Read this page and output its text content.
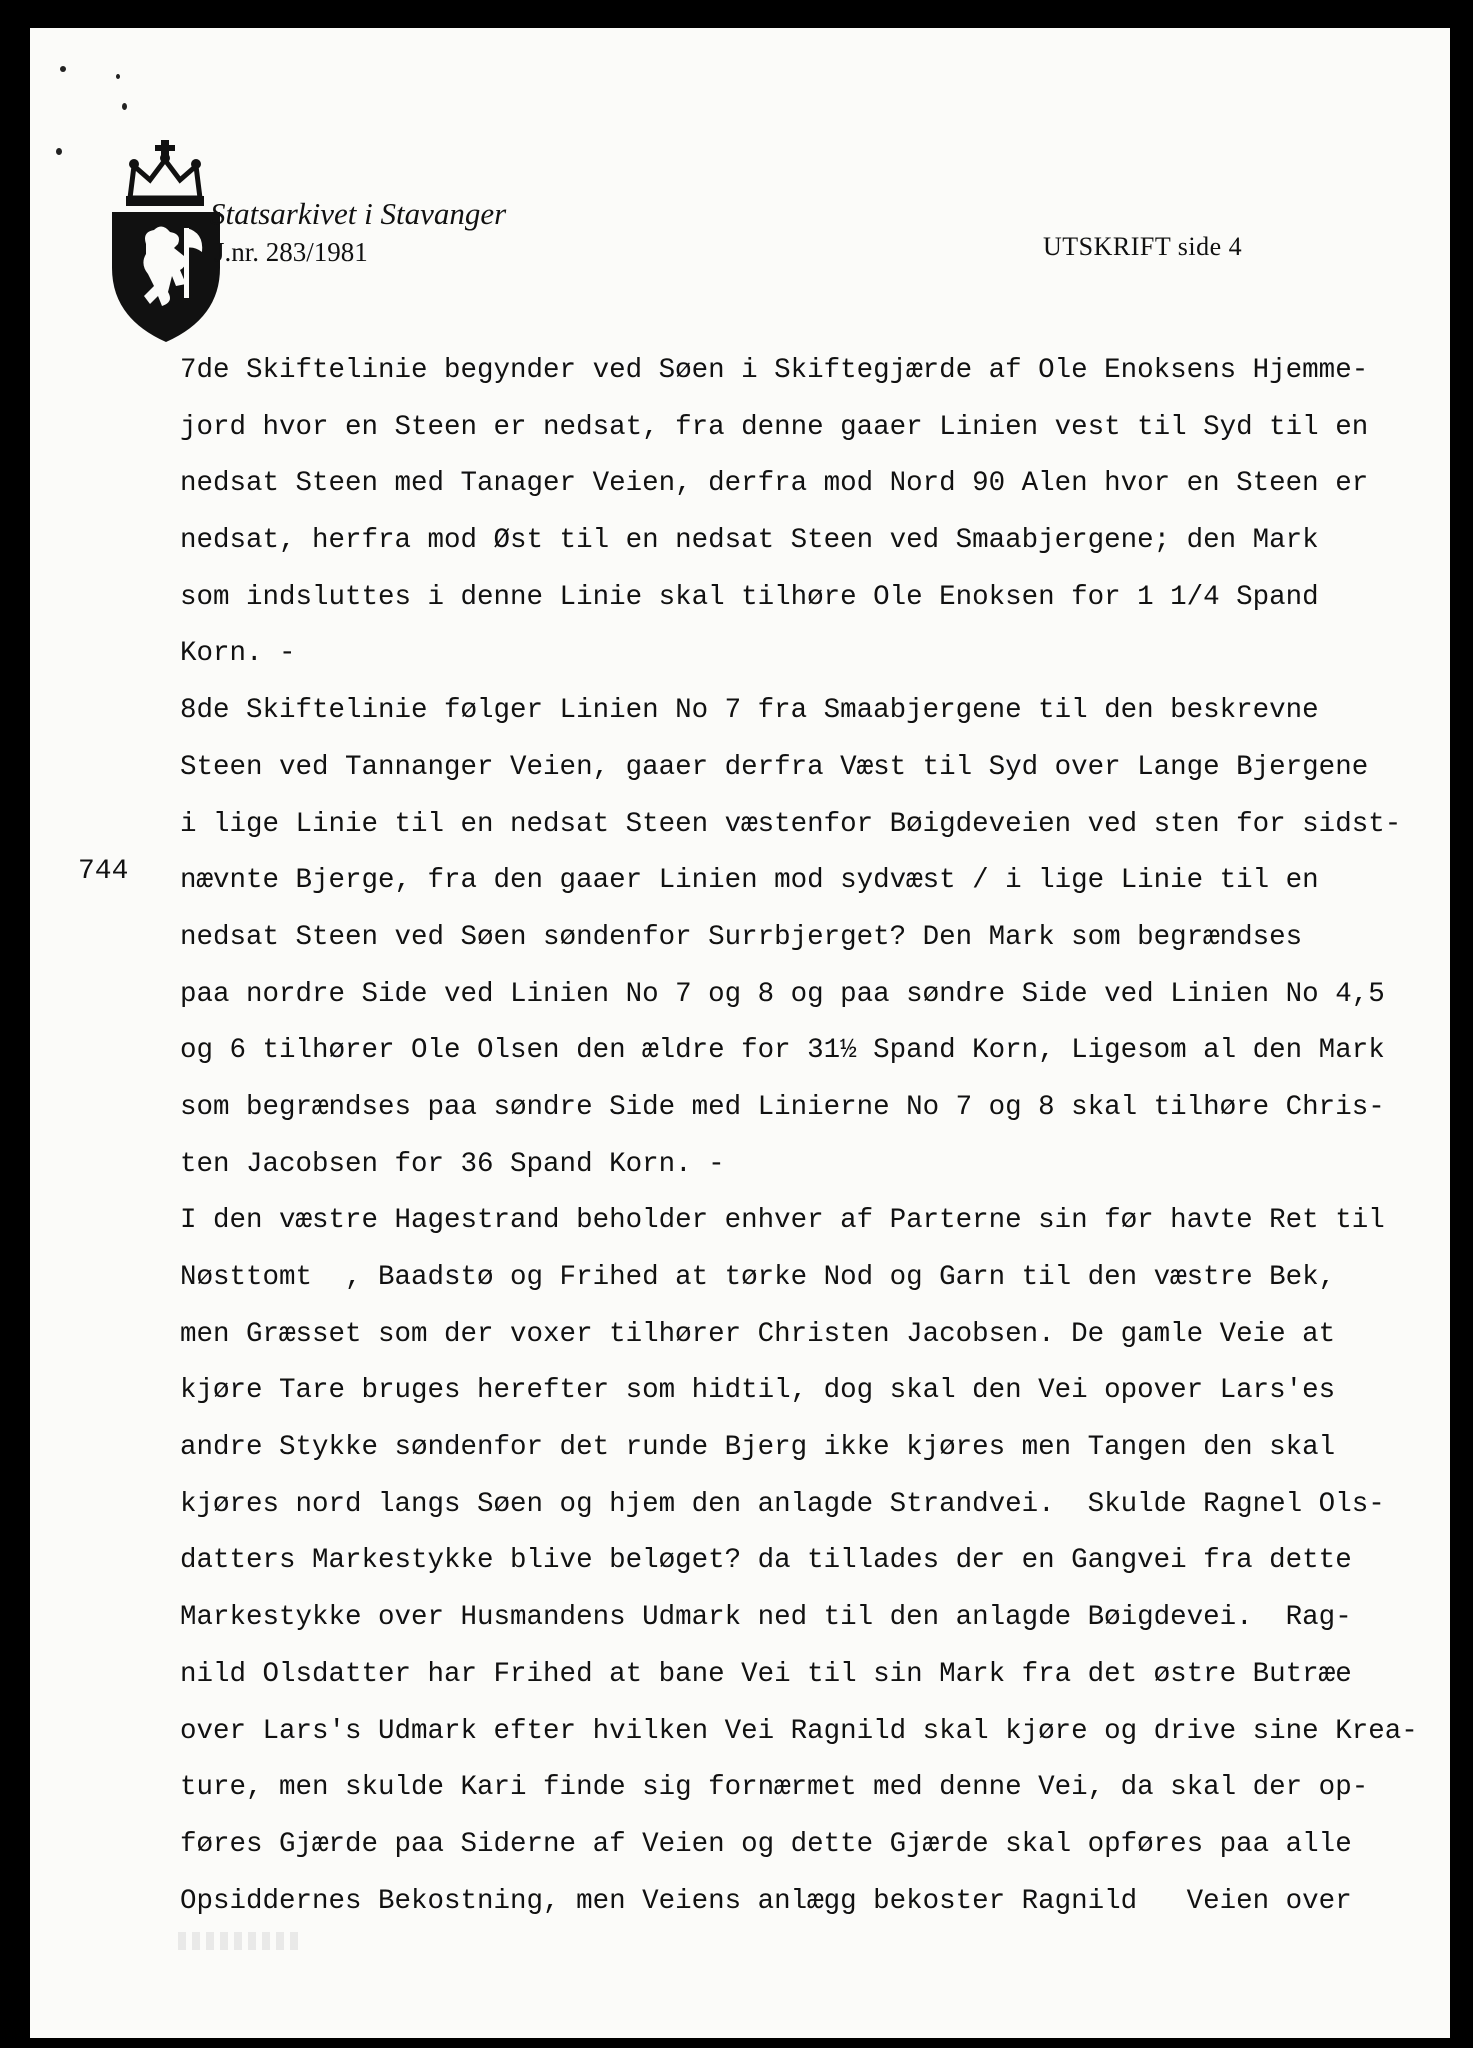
Statsarkivet i Stavanger
J.nr. 283/1981	UTSKRIFT side 4
744
7de Skiftelinie begynder ved Søen i Skiftegjærde af Ole Enoksens Hjemme-
jord hvor en Steen er nedsat, fra denne gaaer Linien vest til Syd til en
nedsat Steen med Tanager Veien, derfra mod Nord 90 Alen hvor en Steen er
nedsat, herfra mod Øst til en nedsat Steen ved Smaabjergene; den Mark
som indsluttes i denne Linie skal tilhøre Ole Enoksen for 1 1/4 Spand
Korn. -
8de Skiftelinie følger Linien No 7 fra Smaabjergene til den beskrevne
Steen ved Tannanger Veien, gaaer derfra Væst til Syd over Lange Bjergene
i lige Linie til en nedsat Steen væstenfor Bøigdeveien ved sten for sidst-
nævnte Bjerge, fra den gaaer Linien mod sydvæst / i lige Linie til en
nedsat Steen ved Søen søndenfor Surrbjerget? Den Mark som begrændses
paa nordre Side ved Linien No 7 og 8 og paa søndre Side ved Linien No 4,5
og 6 tilhører Ole Olsen den ældre for 31½ Spand Korn, Ligesom al den Mark
som begrændses paa søndre Side med Linierne No 7 og 8 skal tilhøre Chris-
ten Jacobsen for 36 Spand Korn. -
I den væstre Hagestrand beholder enhver af Parterne sin før havte Ret til
Nøsttomt  , Baadstø og Frihed at tørke Nod og Garn til den væstre Bek,
men Græsset som der voxer tilhører Christen Jacobsen. De gamle Veie at
kjøre Tare bruges herefter som hidtil, dog skal den Vei opover Lars'es
andre Stykke søndenfor det runde Bjerg ikke kjøres men Tangen den skal
kjøres nord langs Søen og hjem den anlagde Strandvei.  Skulde Ragnel Ols-
datters Markestykke blive beløget? da tillades der en Gangvei fra dette
Markestykke over Husmandens Udmark ned til den anlagde Bøigdevei.  Rag-
nild Olsdatter har Frihed at bane Vei til sin Mark fra det østre Butræe
over Lars's Udmark efter hvilken Vei Ragnild skal kjøre og drive sine Krea-
ture, men skulde Kari finde sig fornærmet med denne Vei, da skal der op-
føres Gjærde paa Siderne af Veien og dette Gjærde skal opføres paa alle
Opsiddernes Bekostning, men Veiens anlægg bekoster Ragnild   Veien over
